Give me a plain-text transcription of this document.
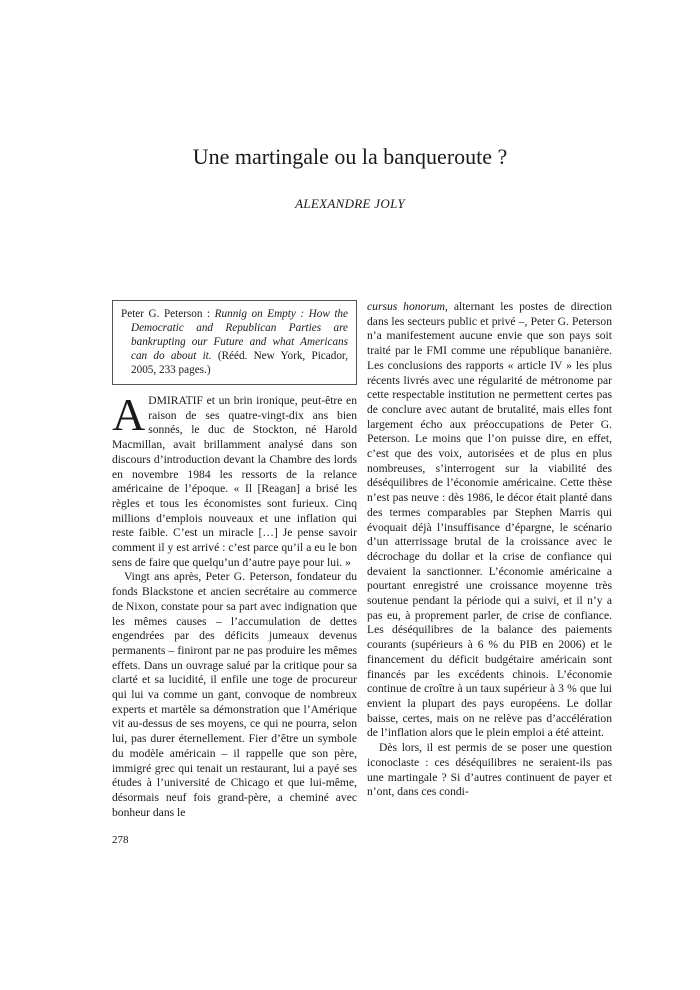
Une martingale ou la banqueroute ?
ALEXANDRE JOLY
Peter G. Peterson : Runnig on Empty : How the Democratic and Republican Parties are bankrupting our Future and what Americans can do about it. (Rééd. New York, Picador, 2005, 233 pages.)

ADMIRATIF et un brin ironique, peut-être en raison de ses quatre-vingt-dix ans bien sonnés, le duc de Stockton, né Harold Macmillan, avait brillamment analysé dans son discours d’introduction devant la Chambre des lords en novembre 1984 les ressorts de la relance américaine de l’époque. « Il [Reagan] a brisé les règles et tous les économistes sont furieux. Cinq millions d’emplois nouveaux et une inflation qui reste faible. C’est un miracle […] Je pense savoir comment il y est arrivé : c’est parce qu’il a eu le bon sens de faire que quelqu’un d’autre paye pour lui. »

Vingt ans après, Peter G. Peterson, fondateur du fonds Blackstone et ancien secrétaire au commerce de Nixon, constate pour sa part avec indignation que les mêmes causes – l’accumulation de dettes engendrées par des déficits jumeaux devenus permanents – finiront par ne pas produire les mêmes effets. Dans un ouvrage salué par la critique pour sa clarté et sa lucidité, il enfile une toge de procureur qui lui va comme un gant, convoque de nombreux experts et martèle sa démonstration que l’Amérique vit au-dessus de ses moyens, ce qui ne pourra, selon lui, pas durer éternellement. Fier d’être un symbole du modèle américain – il rappelle que son père, immigré grec qui tenait un restaurant, lui a payé ses études à l’université de Chicago et que lui-même, désormais neuf fois grand-père, a cheminé avec bonheur dans le

cursus honorum, alternant les postes de direction dans les secteurs public et privé –, Peter G. Peterson n’a manifestement aucune envie que son pays soit traité par le FMI comme une république bananière. Les conclusions des rapports « article IV » les plus récents livrés avec une régularité de métronome par cette respectable institution ne permettent certes pas de conclure avec autant de brutalité, mais elles font largement écho aux préoccupations de Peter G. Peterson. Le moins que l’on puisse dire, en effet, c’est que des voix, autorisées et de plus en plus nombreuses, s’interrogent sur la viabilité des déséquilibres de l’économie américaine. Cette thèse n’est pas neuve : dès 1986, le décor était planté dans des termes comparables par Stephen Marris qui évoquait déjà l’insuffisance d’épargne, le scénario d’un atterrissage brutal de la croissance avec le décrochage du dollar et la crise de confiance qui devaient la sanctionner. L’économie américaine a pourtant enregistré une croissance moyenne très soutenue pendant la période qui a suivi, et il n’y a pas eu, à proprement parler, de crise de confiance. Les déséquilibres de la balance des paiements courants (supérieurs à 6 % du PIB en 2006) et le financement du déficit budgétaire américain sont financés par les excédents chinois. L’économie continue de croître à un taux supérieur à 3 % que lui envient la plupart des pays européens. Le dollar baisse, certes, mais on ne relève pas d’accélération de l’inflation alors que le plein emploi a été atteint.

Dès lors, il est permis de se poser une question iconoclaste : ces déséquilibres ne seraient-ils pas une martingale ? Si d’autres continuent de payer et n’ont, dans ces condi-

278
